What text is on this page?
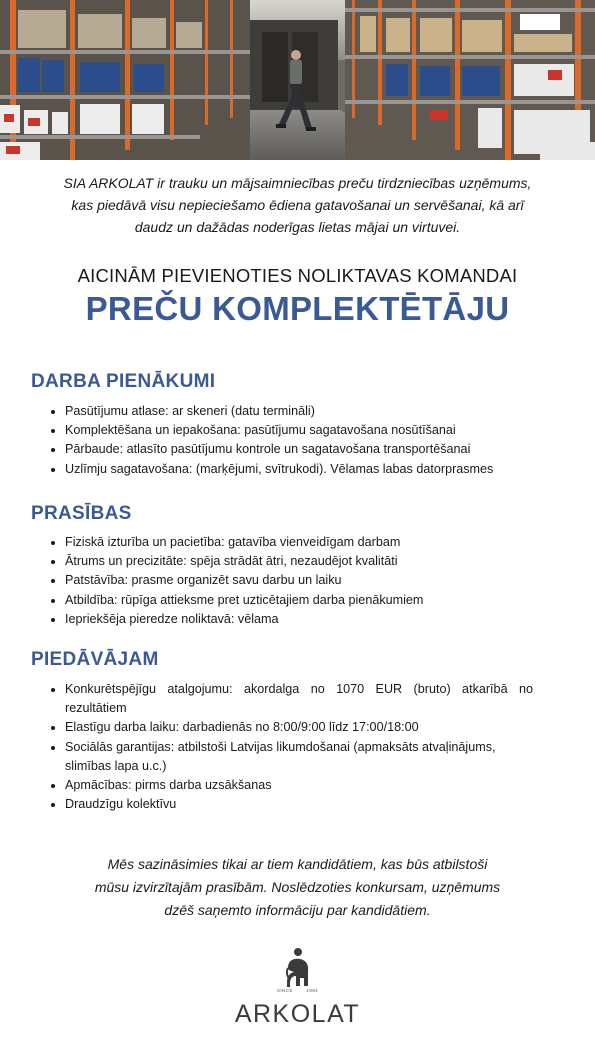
SIA ARKOLAT ir trauku un mājsaimniecības preču tirdzniecības uzņēmums,
kas piedāvā visu nepieciešamo ēdiena gatavošanai un servēšanai, kā arī
daudz un dažādas noderīgas lietas mājai un virtuvei.
AICINĀM PIEVIENOTIES NOLIKTAVAS KOMANDAI
PREČU KOMPLEKTĒTĀJU
DARBA PIENĀKUMI
• Pasūtījumu atlase: ar skeneri (datu termināli)
• Komplektēšana un iepakošana: pasūtījumu sagatavošana nosūtīšanai
• Pārbaude: atlasīto pasūtījumu kontrole un sagatavošana transportēšanai
• Uzlīmju sagatavošana: (marķējumi, svītrukodi). Vēlamas labas datorprasmes
PRASĪBAS
• Fiziskā izturība un pacietība: gatavība vienveidīgam darbam
• Ātrums un precizitāte: spēja strādāt ātri, nezaudējot kvalitāti
• Patstāvība: prasme organizēt savu darbu un laiku
• Atbildība: rūpīga attieksme pret uzticētajiem darba pienākumiem
• Iepriekšēja pieredze noliktavā: vēlama
PIEDĀVĀJAM
• Konkurētspējīgu atalgojumu: akordalga no 1070 EUR (bruto) atkarībā no rezultātiem
• Elastīgu darba laiku: darbadienās no 8:00/9:00 līdz 17:00/18:00
• Sociālās garantijas: atbilstoši Latvijas likumdošanai (apmaksāts atvaļinājums, slimības lapa u.c.)
• Apmācības: pirms darba uzsākšanas
• Draudzīgu kolektīvu
Mēs sazināsimies tikai ar tiem kandidātiem, kas būs atbilstoši
mūsu izvirzītajām prasībām. Noslēdzoties konkursam, uzņēmums
dzēš saņemto informāciju par kandidātiem.
SINCE	1994
ARKOLAT
